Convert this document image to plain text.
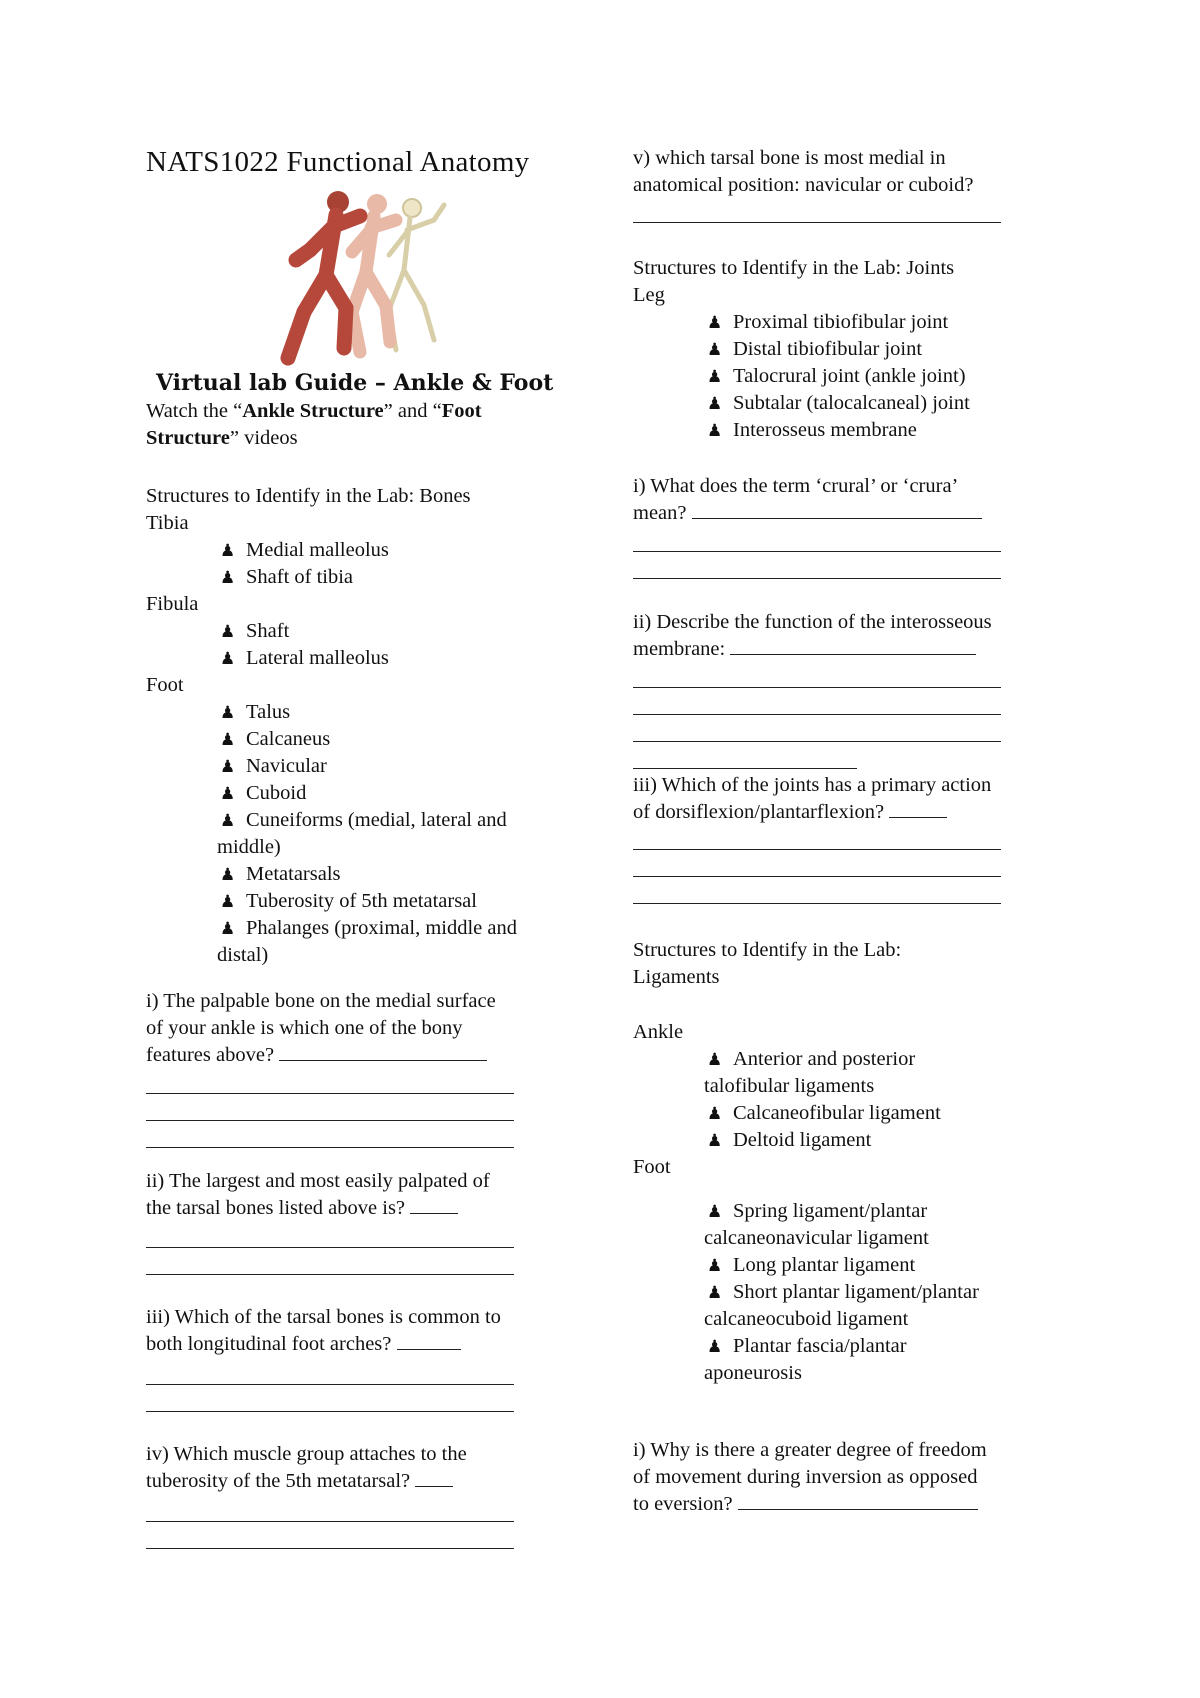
NATS1022 Functional Anatomy
Virtual lab Guide – Ankle & Foot
Watch the “Ankle Structure” and “Foot
Structure” videos
Structures to Identify in the Lab: Bones
Tibia
♟ Medial malleolus
♟ Shaft of tibia
Fibula
♟ Shaft
♟ Lateral malleolus
Foot
♟ Talus
♟ Calcaneus
♟ Navicular
♟ Cuboid
♟ Cuneiforms (medial, lateral and
middle)
♟ Metatarsals
♟ Tuberosity of 5th metatarsal
♟ Phalanges (proximal, middle and
distal)
i) The palpable bone on the medial surface
of your ankle is which one of the bony
features above?
ii) The largest and most easily palpated of
the tarsal bones listed above is?
iii) Which of the tarsal bones is common to
both longitudinal foot arches?
iv) Which muscle group attaches to the
tuberosity of the 5th metatarsal?
v) which tarsal bone is most medial in
anatomical position: navicular or cuboid?
Structures to Identify in the Lab: Joints
Leg
♟ Proximal tibiofibular joint
♟ Distal tibiofibular joint
♟ Talocrural joint (ankle joint)
♟ Subtalar (talocalcaneal) joint
♟ Interosseus membrane
i) What does the term ‘crural’ or ‘crura’
mean?
ii) Describe the function of the interosseous
membrane:
iii) Which of the joints has a primary action
of dorsiflexion/plantarflexion?
Structures to Identify in the Lab:
Ligaments
Ankle
♟ Anterior and posterior
talofibular ligaments
♟ Calcaneofibular ligament
♟ Deltoid ligament
Foot
♟ Spring ligament/plantar
calcaneonavicular ligament
♟ Long plantar ligament
♟ Short plantar ligament/plantar
calcaneocuboid ligament
♟ Plantar fascia/plantar
aponeurosis
i) Why is there a greater degree of freedom
of movement during inversion as opposed
to eversion?
